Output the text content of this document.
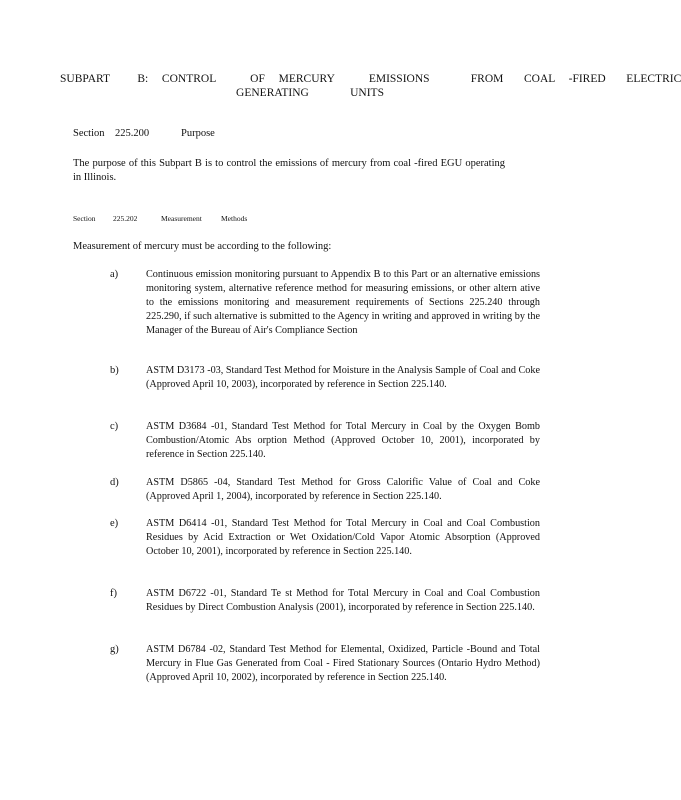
SUBPART    B:  CONTROL     OF  MERCURY     EMISSIONS      FROM   COAL  -FIRED   ELECTRIC
GENERATING      UNITS
Section    225.200	Purpose
The purpose of this Subpart B is to control the emissions of mercury from coal -fired EGU operating in Illinois.
Section 225.202	Measurement	Methods
Measurement of mercury must be according to the following:
a)	Continuous emission monitoring pursuant to Appendix B to this Part or an alternative emissions monitoring system, alternative reference method for measuring emissions, or other altern ative to the emissions monitoring and measurement requirements of Sections 225.240 through 225.290, if such alternative is submitted to the Agency in writing and approved in writing by the Manager of the Bureau of Air's Compliance Section
b)	ASTM D3173 -03, Standard Test Method for Moisture in the Analysis Sample of Coal and Coke (Approved April 10, 2003), incorporated by reference in Section 225.140.
c)	ASTM D3684 -01, Standard Test Method for Total Mercury in Coal by the Oxygen Bomb Combustion/Atomic Abs orption Method (Approved October 10, 2001), incorporated by reference in Section 225.140.
d)	ASTM D5865 -04, Standard Test Method for Gross Calorific Value of Coal and Coke (Approved April 1, 2004), incorporated by reference in Section 225.140.
e)	ASTM D6414 -01, Standard Test Method for Total Mercury in Coal and Coal Combustion Residues by Acid Extraction or Wet Oxidation/Cold Vapor Atomic Absorption (Approved October 10, 2001), incorporated by reference in Section 225.140.
f)	ASTM D6722 -01, Standard Te st Method for Total Mercury in Coal and Coal Combustion Residues by Direct Combustion Analysis (2001), incorporated by reference in Section 225.140.
g)	ASTM D6784 -02, Standard Test Method for Elemental, Oxidized, Particle -Bound and Total Mercury in Flue Gas Generated from Coal - Fired Stationary Sources (Ontario Hydro Method) (Approved April 10, 2002), incorporated by reference in Section 225.140.
